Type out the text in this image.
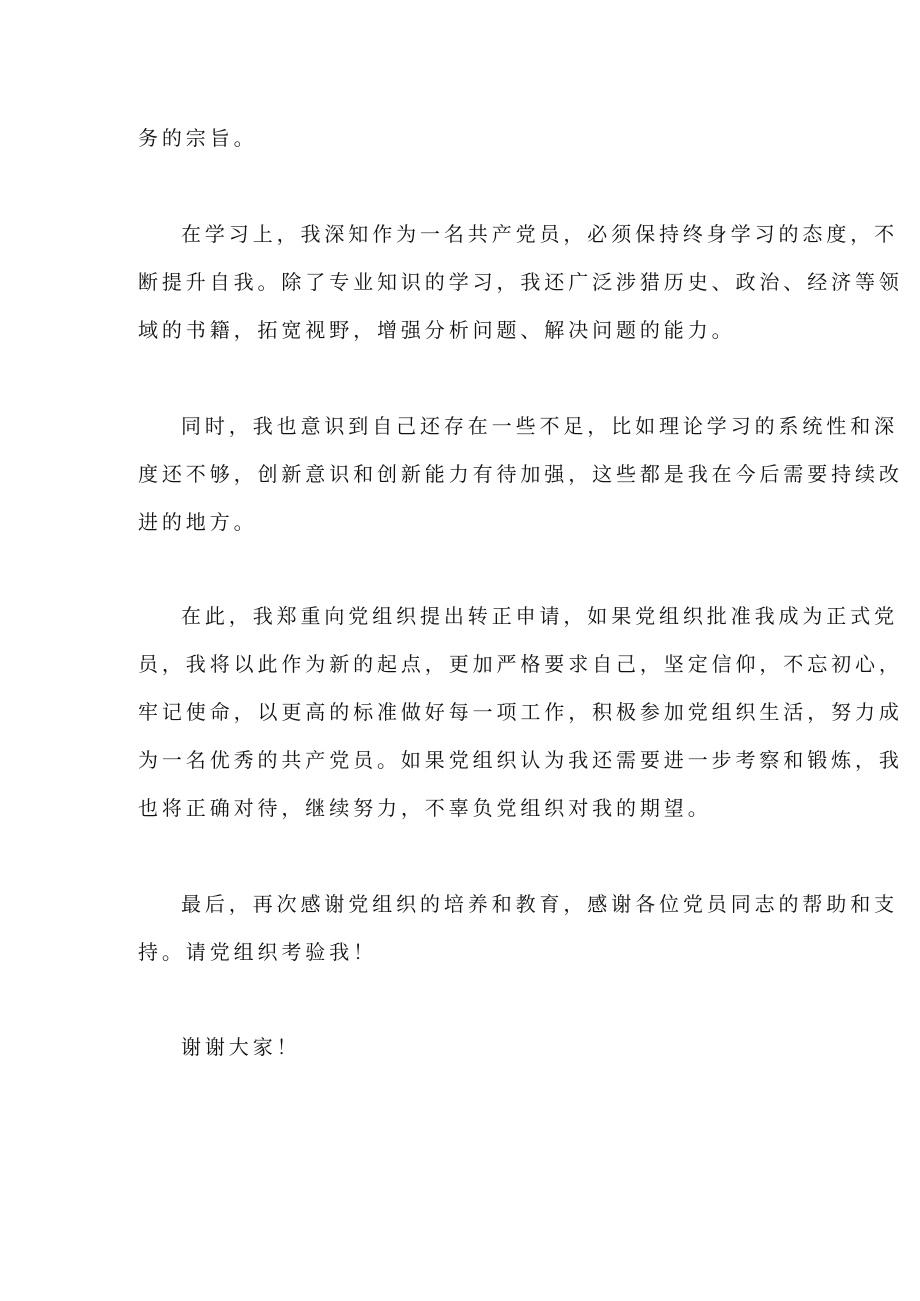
务的宗旨。

在学习上，我深知作为一名共产党员，必须保持终身学习的态度，不

断提升自我。除了专业知识的学习，我还广泛涉猎历史、政治、经济等领

域的书籍，拓宽视野，增强分析问题、解决问题的能力。

同时，我也意识到自己还存在一些不足，比如理论学习的系统性和深

度还不够，创新意识和创新能力有待加强，这些都是我在今后需要持续改

进的地方。

在此，我郑重向党组织提出转正申请，如果党组织批准我成为正式党

员，我将以此作为新的起点，更加严格要求自己，坚定信仰，不忘初心，

牢记使命，以更高的标准做好每一项工作，积极参加党组织生活，努力成

为一名优秀的共产党员。如果党组织认为我还需要进一步考察和锻炼，我

也将正确对待，继续努力，不辜负党组织对我的期望。

最后，再次感谢党组织的培养和教育，感谢各位党员同志的帮助和支

持。请党组织考验我！

谢谢大家！
